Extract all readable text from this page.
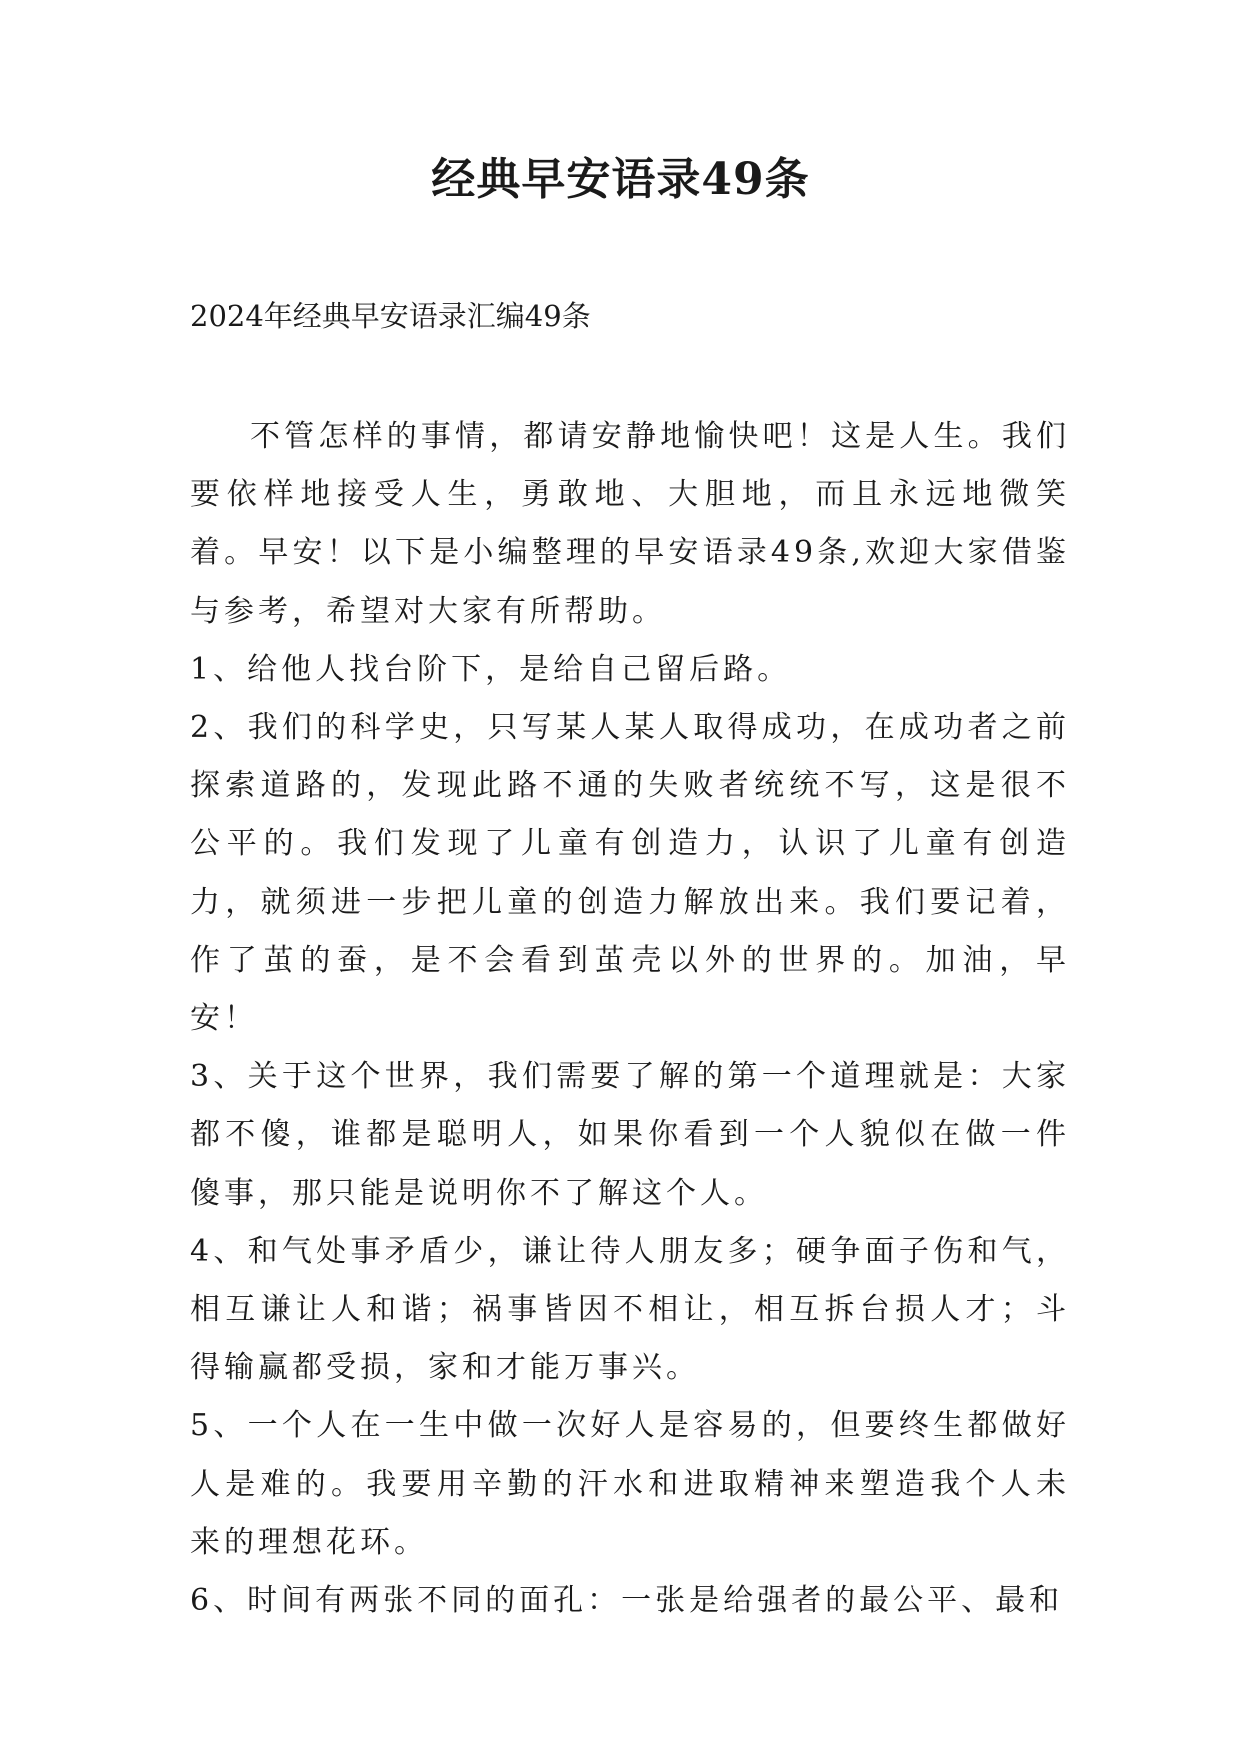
经典早安语录49条

2024年经典早安语录汇编49条

不管怎样的事情，都请安静地愉快吧！这是人生。我们要依样地接受人生，勇敢地、大胆地，而且永远地微笑着。早安！以下是小编整理的早安语录49条,欢迎大家借鉴与参考，希望对大家有所帮助。

1、给他人找台阶下，是给自己留后路。

2、我们的科学史，只写某人某人取得成功，在成功者之前探索道路的，发现此路不通的失败者统统不写，这是很不公平的。我们发现了儿童有创造力，认识了儿童有创造力，就须进一步把儿童的创造力解放出来。我们要记着，作了茧的蚕，是不会看到茧壳以外的世界的。加油，早安！

3、关于这个世界，我们需要了解的第一个道理就是：大家都不傻，谁都是聪明人，如果你看到一个人貌似在做一件傻事，那只能是说明你不了解这个人。

4、和气处事矛盾少，谦让待人朋友多；硬争面子伤和气，相互谦让人和谐；祸事皆因不相让，相互拆台损人才；斗得输赢都受损，家和才能万事兴。

5、一个人在一生中做一次好人是容易的，但要终生都做好人是难的。我要用辛勤的汗水和进取精神来塑造我个人未来的理想花环。

6、时间有两张不同的面孔：一张是给强者的最公平、最和
